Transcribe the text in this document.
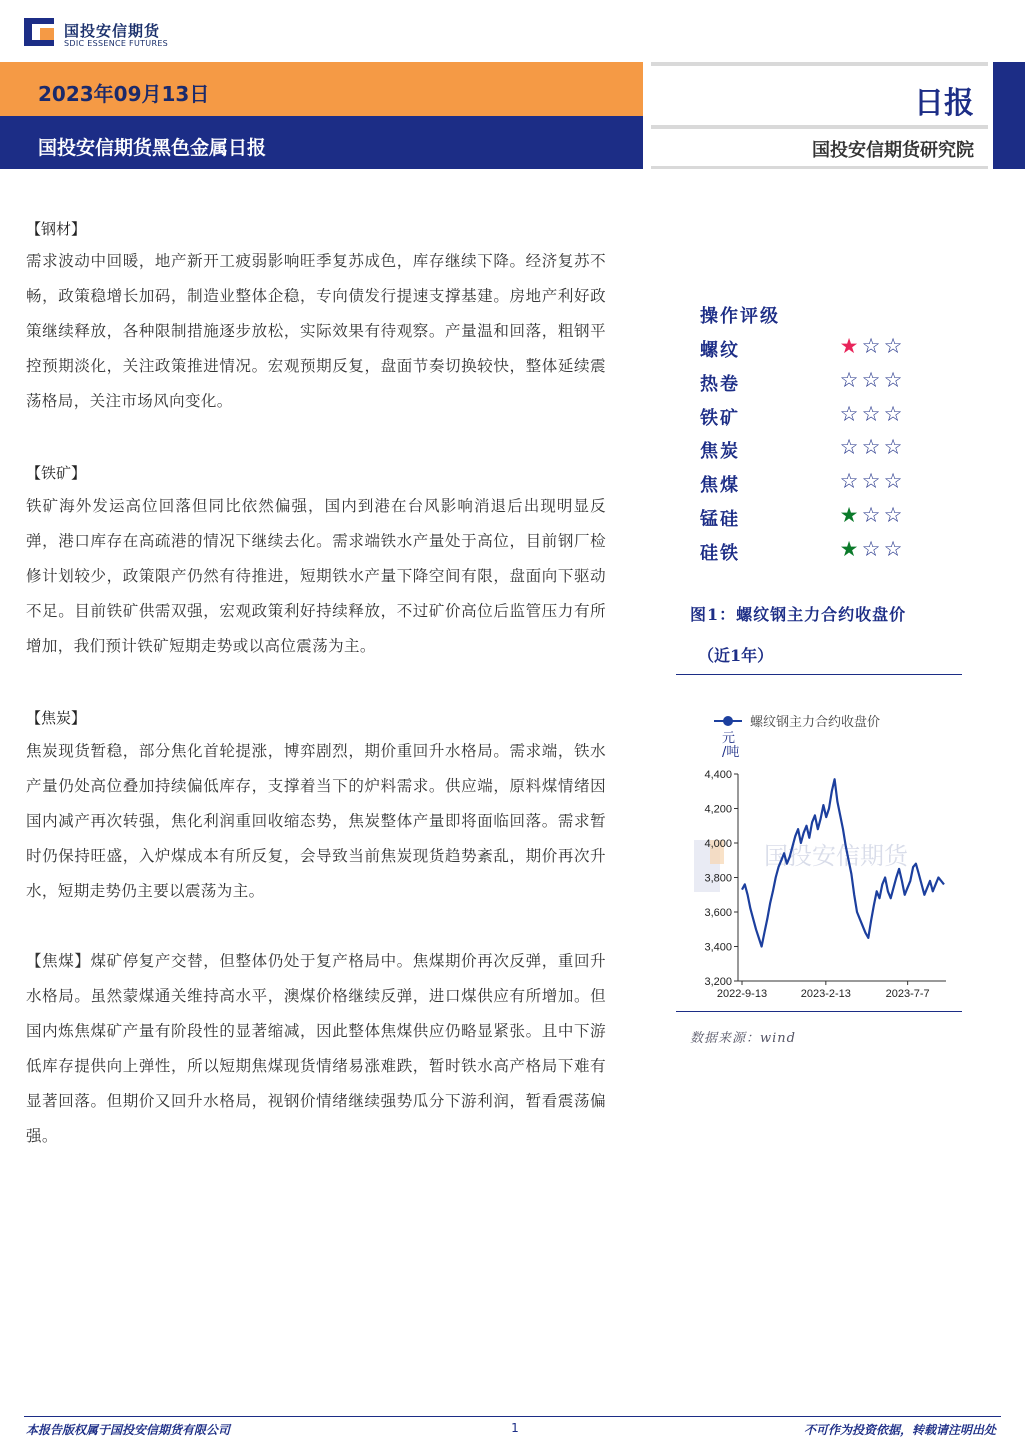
国投安信期货
SDIC ESSENCE FUTURES
2023年09月13日
国投安信期货黑色金属日报
日报
国投安信期货研究院
【钢材】
需求波动中回暖，地产新开工疲弱影响旺季复苏成色，库存继续下降。经济复苏不畅，政策稳增长加码，制造业整体企稳，专向债发行提速支撑基建。房地产利好政策继续释放，各种限制措施逐步放松，实际效果有待观察。产量温和回落，粗钢平控预期淡化，关注政策推进情况。宏观预期反复，盘面节奏切换较快，整体延续震荡格局，关注市场风向变化。
【铁矿】
铁矿海外发运高位回落但同比依然偏强，国内到港在台风影响消退后出现明显反弹，港口库存在高疏港的情况下继续去化。需求端铁水产量处于高位，目前钢厂检修计划较少，政策限产仍然有待推进，短期铁水产量下降空间有限，盘面向下驱动不足。目前铁矿供需双强，宏观政策利好持续释放，不过矿价高位后监管压力有所增加，我们预计铁矿短期走势或以高位震荡为主。
【焦炭】
焦炭现货暂稳，部分焦化首轮提涨，博弈剧烈，期价重回升水格局。需求端，铁水产量仍处高位叠加持续偏低库存，支撑着当下的炉料需求。供应端，原料煤情绪因国内减产再次转强，焦化利润重回收缩态势，焦炭整体产量即将面临回落。需求暂时仍保持旺盛，入炉煤成本有所反复，会导致当前焦炭现货趋势紊乱，期价再次升水，短期走势仍主要以震荡为主。
【焦煤】煤矿停复产交替，但整体仍处于复产格局中。焦煤期价再次反弹，重回升水格局。虽然蒙煤通关维持高水平，澳煤价格继续反弹，进口煤供应有所增加。但国内炼焦煤矿产量有阶段性的显著缩减，因此整体焦煤供应仍略显紧张。且中下游低库存提供向上弹性，所以短期焦煤现货情绪易涨难跌，暂时铁水高产格局下难有显著回落。但期价又回升水格局，视钢价情绪继续强势瓜分下游利润，暂看震荡偏强。
操作评级
螺纹	★ ☆ ☆
热卷	☆ ☆ ☆
铁矿	☆ ☆ ☆
焦炭	☆ ☆ ☆
焦煤	☆ ☆ ☆
锰硅	★ ☆ ☆
硅铁	★ ☆ ☆
图1：螺纹钢主力合约收盘价
（近1年）
国投安信期货
螺纹钢主力合约收盘价
元
/吨
4,400
4,200
4,000
3,800
3,600
3,400
3,200
2022-9-13	2023-2-13	2023-7-7
数据来源：wind
本报告版权属于国投安信期货有限公司	1	不可作为投资依据，转载请注明出处
